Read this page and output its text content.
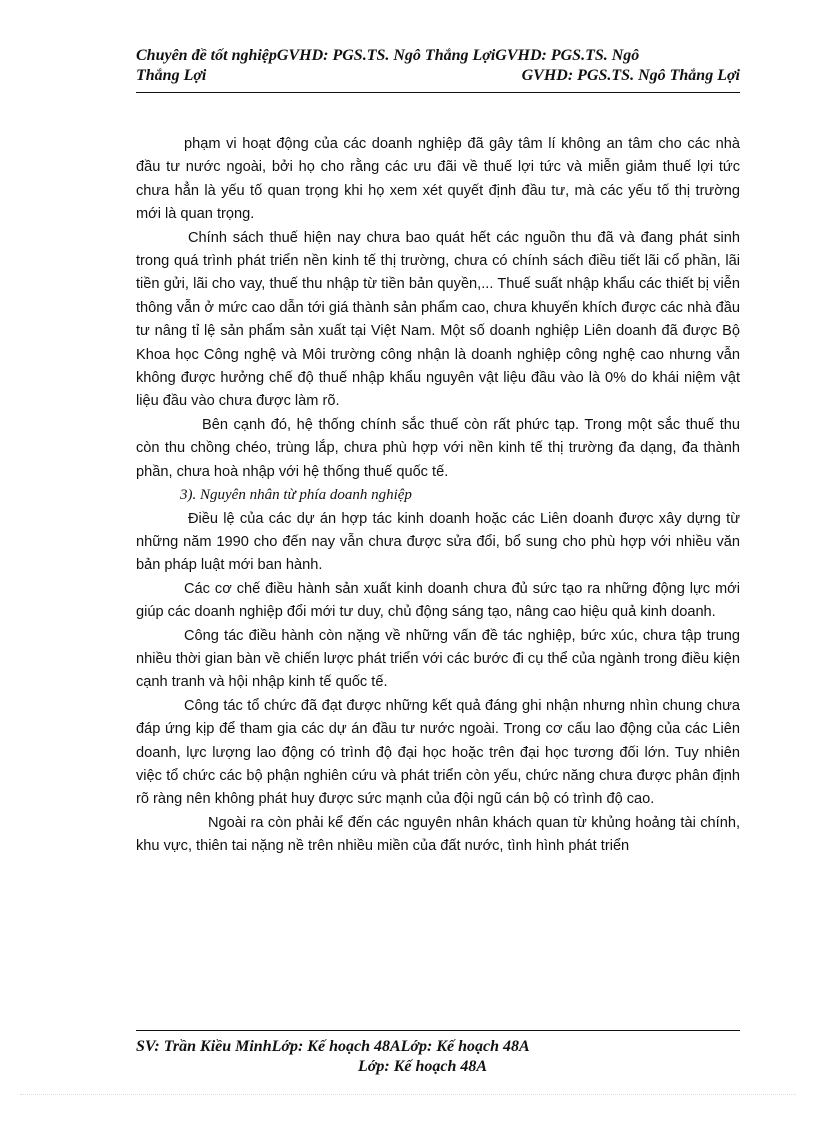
Chuyên đề tốt nghiệpGVHD: PGS.TS. Ngô Thắng LợiGVHD: PGS.TS. Ngô
Thắng Lợi	GVHD: PGS.TS. Ngô Thắng Lợi

phạm vi hoạt động của các doanh nghiệp đã gây tâm lí không an tâm cho các nhà đầu tư nước ngoài, bởi họ cho rằng các ưu đãi về thuế lợi tức và miễn giảm thuế lợi tức chưa hẳn là yếu tố quan trọng khi họ xem xét quyết định đầu tư, mà các yếu tố thị trường mới là quan trọng.

Chính sách thuế hiện nay chưa bao quát hết các nguồn thu đã và đang phát sinh trong quá trình phát triển nền kinh tế thị trường, chưa có chính sách điều tiết lãi cổ phần, lãi tiền gửi, lãi cho vay, thuế thu nhập từ tiền bản quyền,... Thuế suất nhập khẩu các thiết bị viễn thông vẫn ở mức cao dẫn tới giá thành sản phẩm cao, chưa khuyến khích được các nhà đầu tư nâng tỉ lệ sản phẩm sản xuất tại Việt Nam. Một số doanh nghiệp Liên doanh đã được Bộ Khoa học Công nghệ và Môi trường công nhận là doanh nghiệp công nghệ cao nhưng vẫn không được hưởng chế độ thuế nhập khẩu nguyên vật liệu đầu vào là 0% do khái niệm vật liệu đầu vào chưa được làm rõ.

Bên cạnh đó, hệ thống chính sắc thuế còn rất phức tạp. Trong một sắc thuế thu còn thu chồng chéo, trùng lắp, chưa phù hợp với nền kinh tế thị trường đa dạng, đa thành phần, chưa hoà nhập với hệ thống thuế quốc tế.

3). Nguyên nhân từ phía doanh nghiệp

Điều lệ của các dự án hợp tác kinh doanh hoặc các Liên doanh được xây dựng từ những năm 1990 cho đến nay vẫn chưa được sửa đổi, bổ sung cho phù hợp với nhiều văn bản pháp luật mới ban hành.

Các cơ chế điều hành sản xuất kinh doanh chưa đủ sức tạo ra những động lực mới giúp các doanh nghiệp đổi mới tư duy, chủ động sáng tạo, nâng cao hiệu quả kinh doanh.

Công tác điều hành còn nặng về những vấn đề tác nghiệp, bức xúc, chưa tập trung nhiều thời gian bàn về chiến lược phát triển với các bước đi cụ thể của ngành trong điều kiện cạnh tranh và hội nhập kinh tế quốc tế.

Công tác tổ chức đã đạt được những kết quả đáng ghi nhận nhưng nhìn chung chưa đáp ứng kịp để tham gia các dự án đầu tư nước ngoài. Trong cơ cấu lao động của các Liên doanh, lực lượng lao động có trình độ đại học hoặc trên đại học tương đối lớn. Tuy nhiên việc tổ chức các bộ phận nghiên cứu và phát triển còn yếu, chức năng chưa được phân định rõ ràng nên không phát huy được sức mạnh của đội ngũ cán bộ có trình độ cao.

Ngoài ra còn phải kể đến các nguyên nhân khách quan từ khủng hoảng tài chính, khu vực, thiên tai nặng nề trên nhiều miền của đất nước, tình hình phát triển

SV: Trần Kiều MinhLớp: Kế hoạch 48ALớp: Kế hoạch 48A
Lớp: Kế hoạch 48A
